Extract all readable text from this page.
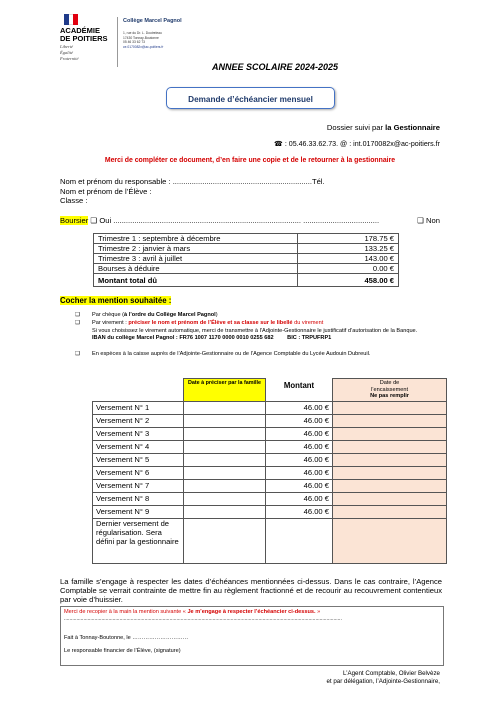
ACADÉMIE
DE POITIERS
Liberté
Égalité
Fraternité
Collège Marcel Pagnol
1, rue du Dr. L. Doutreleau
17430 Tonnay-Boutonne
05 46 33 62 73
ce.0170082x@ac-poitiers.fr
ANNEE SCOLAIRE 2024-2025
Demande d’échéancier mensuel
Dossier suivi par la Gestionnaire
☎ : 05.46.33.62.73. @ : int.0170082x@ac-poitiers.fr
Merci de compléter ce document, d’en faire une copie et de le retourner à la gestionnaire
Nom et prénom du responsable : ..................................................................Tél.
Nom et prénom de l’Élève :
Classe :
Boursier ❑ Oui ......................................................................................... ....................................	❑ Non
Trimestre 1 : septembre à décembre	178.75 €
Trimestre 2 : janvier à mars	133.25 €
Trimestre 3 : avril à juillet	143.00 €
Bourses à déduire	0.00 €
Montant total dû	458.00 €
Cocher la mention souhaitée :
❑ Par chèque (à l’ordre du Collège Marcel Pagnol)
❑ Par virement : préciser le nom et prénom de l’Élève et sa classe sur le libellé du virement
Si vous choisissez le virement automatique, merci de transmettre à l’Adjointe-Gestionnaire le justificatif d’autorisation de la Banque.
IBAN du collège Marcel Pagnol : FR76 1007 1170 0000 0010 0255 682 BIC : TRPUFRP1
❑ En espèces à la caisse auprès de l’Adjointe-Gestionnaire ou de l’Agence Comptable du Lycée Audouin Dubreuil.
	Date à préciser par la famille	Montant	Date de
l’encaissement
Ne pas remplir

Versement N° 1		46.00 €	
Versement N° 2		46.00 €	
Versement N° 3		46.00 €	
Versement N° 4		46.00 €	
Versement N° 5		46.00 €	
Versement N° 6		46.00 €	
Versement N° 7		46.00 €	
Versement N° 8		46.00 €	
Versement N° 9		46.00 €	
Dernier versement de régularisation. Sera défini par la gestionnaire			
La famille s’engage à respecter les dates d’échéances mentionnées ci-dessus. Dans le cas contraire, l’Agence Comptable se verrait contrainte de mettre fin au règlement fractionné et de recourir au recouvrement contentieux par voie d’huissier.
Merci de recopier à la main la mention suivante « Je m’engage à respecter l’échéancier ci-dessus. »
........................................................................................................................................................................................................
Fait à Tonnay-Boutonne, le …………………………
Le responsable financier de l’Élève, (signature)
L’Agent Comptable, Olivier Belvèze
et par délégation, l’Adjointe-Gestionnaire,
